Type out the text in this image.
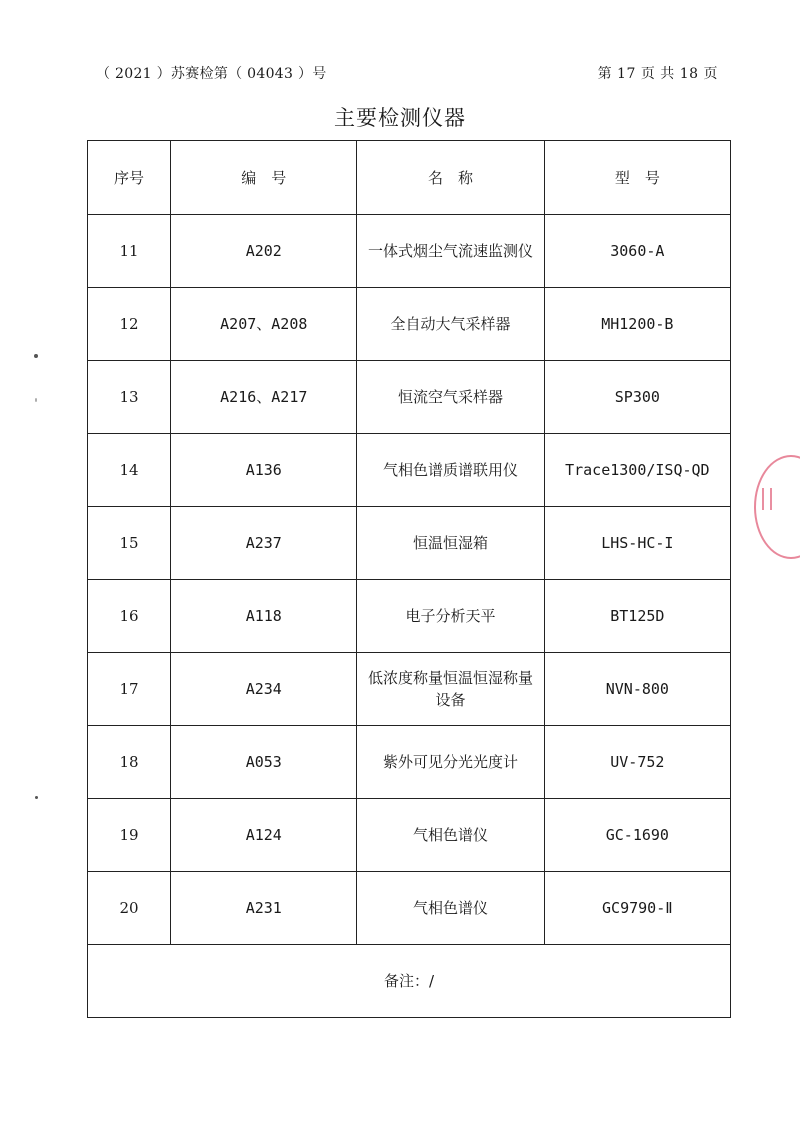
（ 2021 ）苏赛检第（ 04043 ）号	第 17 页 共 18 页
主要检测仪器
序号	编　号	名　称	型　号
11	A202	一体式烟尘气流速监测仪	3060-A
12	A207、A208	全自动大气采样器	MH1200-B
13	A216、A217	恒流空气采样器	SP300
14	A136	气相色谱质谱联用仪	Trace1300/ISQ-QD
15	A237	恒温恒湿箱	LHS-HC-I
16	A118	电子分析天平	BT125D
17	A234	低浓度称量恒温恒湿称量设备	NVN-800
18	A053	紫外可见分光光度计	UV-752
19	A124	气相色谱仪	GC-1690
20	A231	气相色谱仪	GC9790-Ⅱ
备注：/			
